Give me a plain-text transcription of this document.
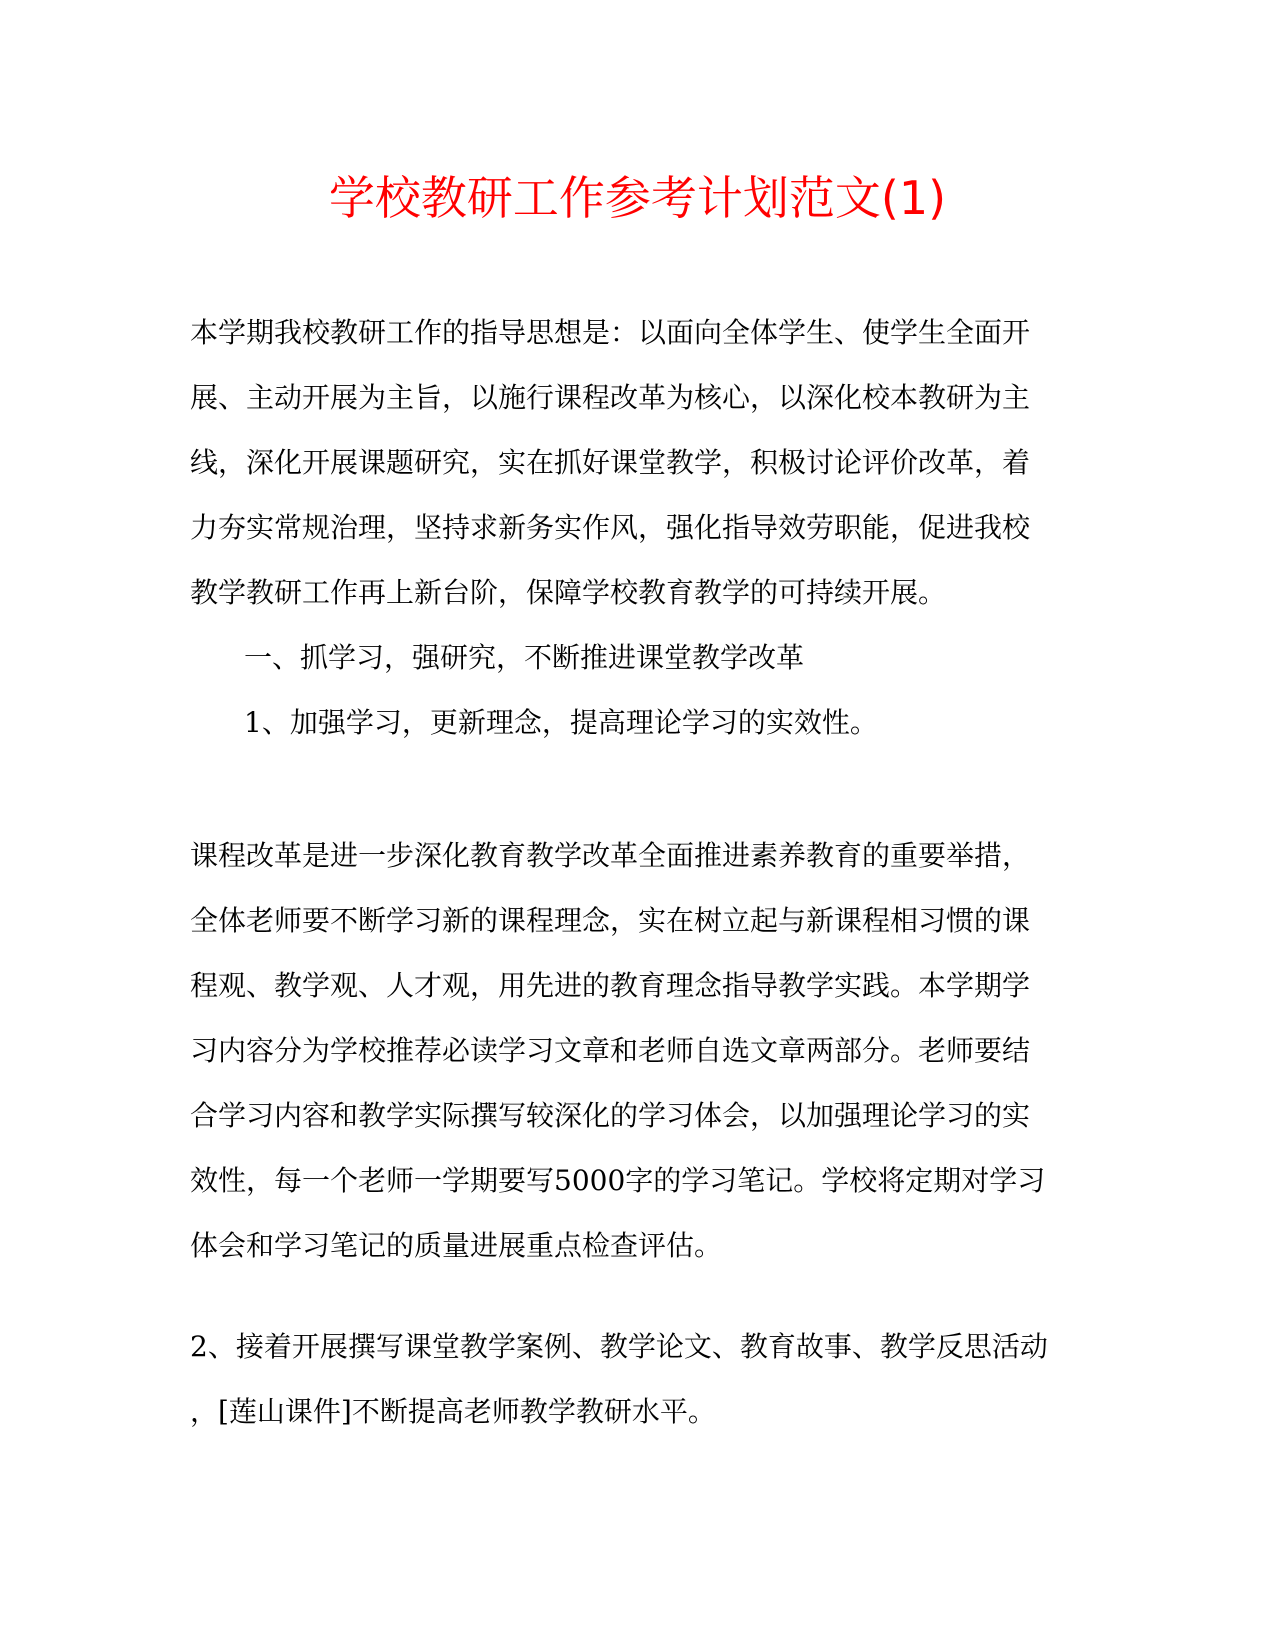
学校教研工作参考计划范文(1)

本学期我校教研工作的指导思想是：以面向全体学生、使学生全面开
展、主动开展为主旨，以施行课程改革为核心，以深化校本教研为主
线，深化开展课题研究，实在抓好课堂教学，积极讨论评价改革，着
力夯实常规治理，坚持求新务实作风，强化指导效劳职能，促进我校
教学教研工作再上新台阶，保障学校教育教学的可持续开展。

一、抓学习，强研究，不断推进课堂教学改革

1、加强学习，更新理念，提高理论学习的实效性。

课程改革是进一步深化教育教学改革全面推进素养教育的重要举措，
全体老师要不断学习新的课程理念，实在树立起与新课程相习惯的课
程观、教学观、人才观，用先进的教育理念指导教学实践。本学期学
习内容分为学校推荐必读学习文章和老师自选文章两部分。老师要结
合学习内容和教学实际撰写较深化的学习体会，以加强理论学习的实
效性，每一个老师一学期要写5000字的学习笔记。学校将定期对学习
体会和学习笔记的质量进展重点检查评估。

2、接着开展撰写课堂教学案例、教学论文、教育故事、教学反思活动
，[莲山课件]不断提高老师教学教研水平。
